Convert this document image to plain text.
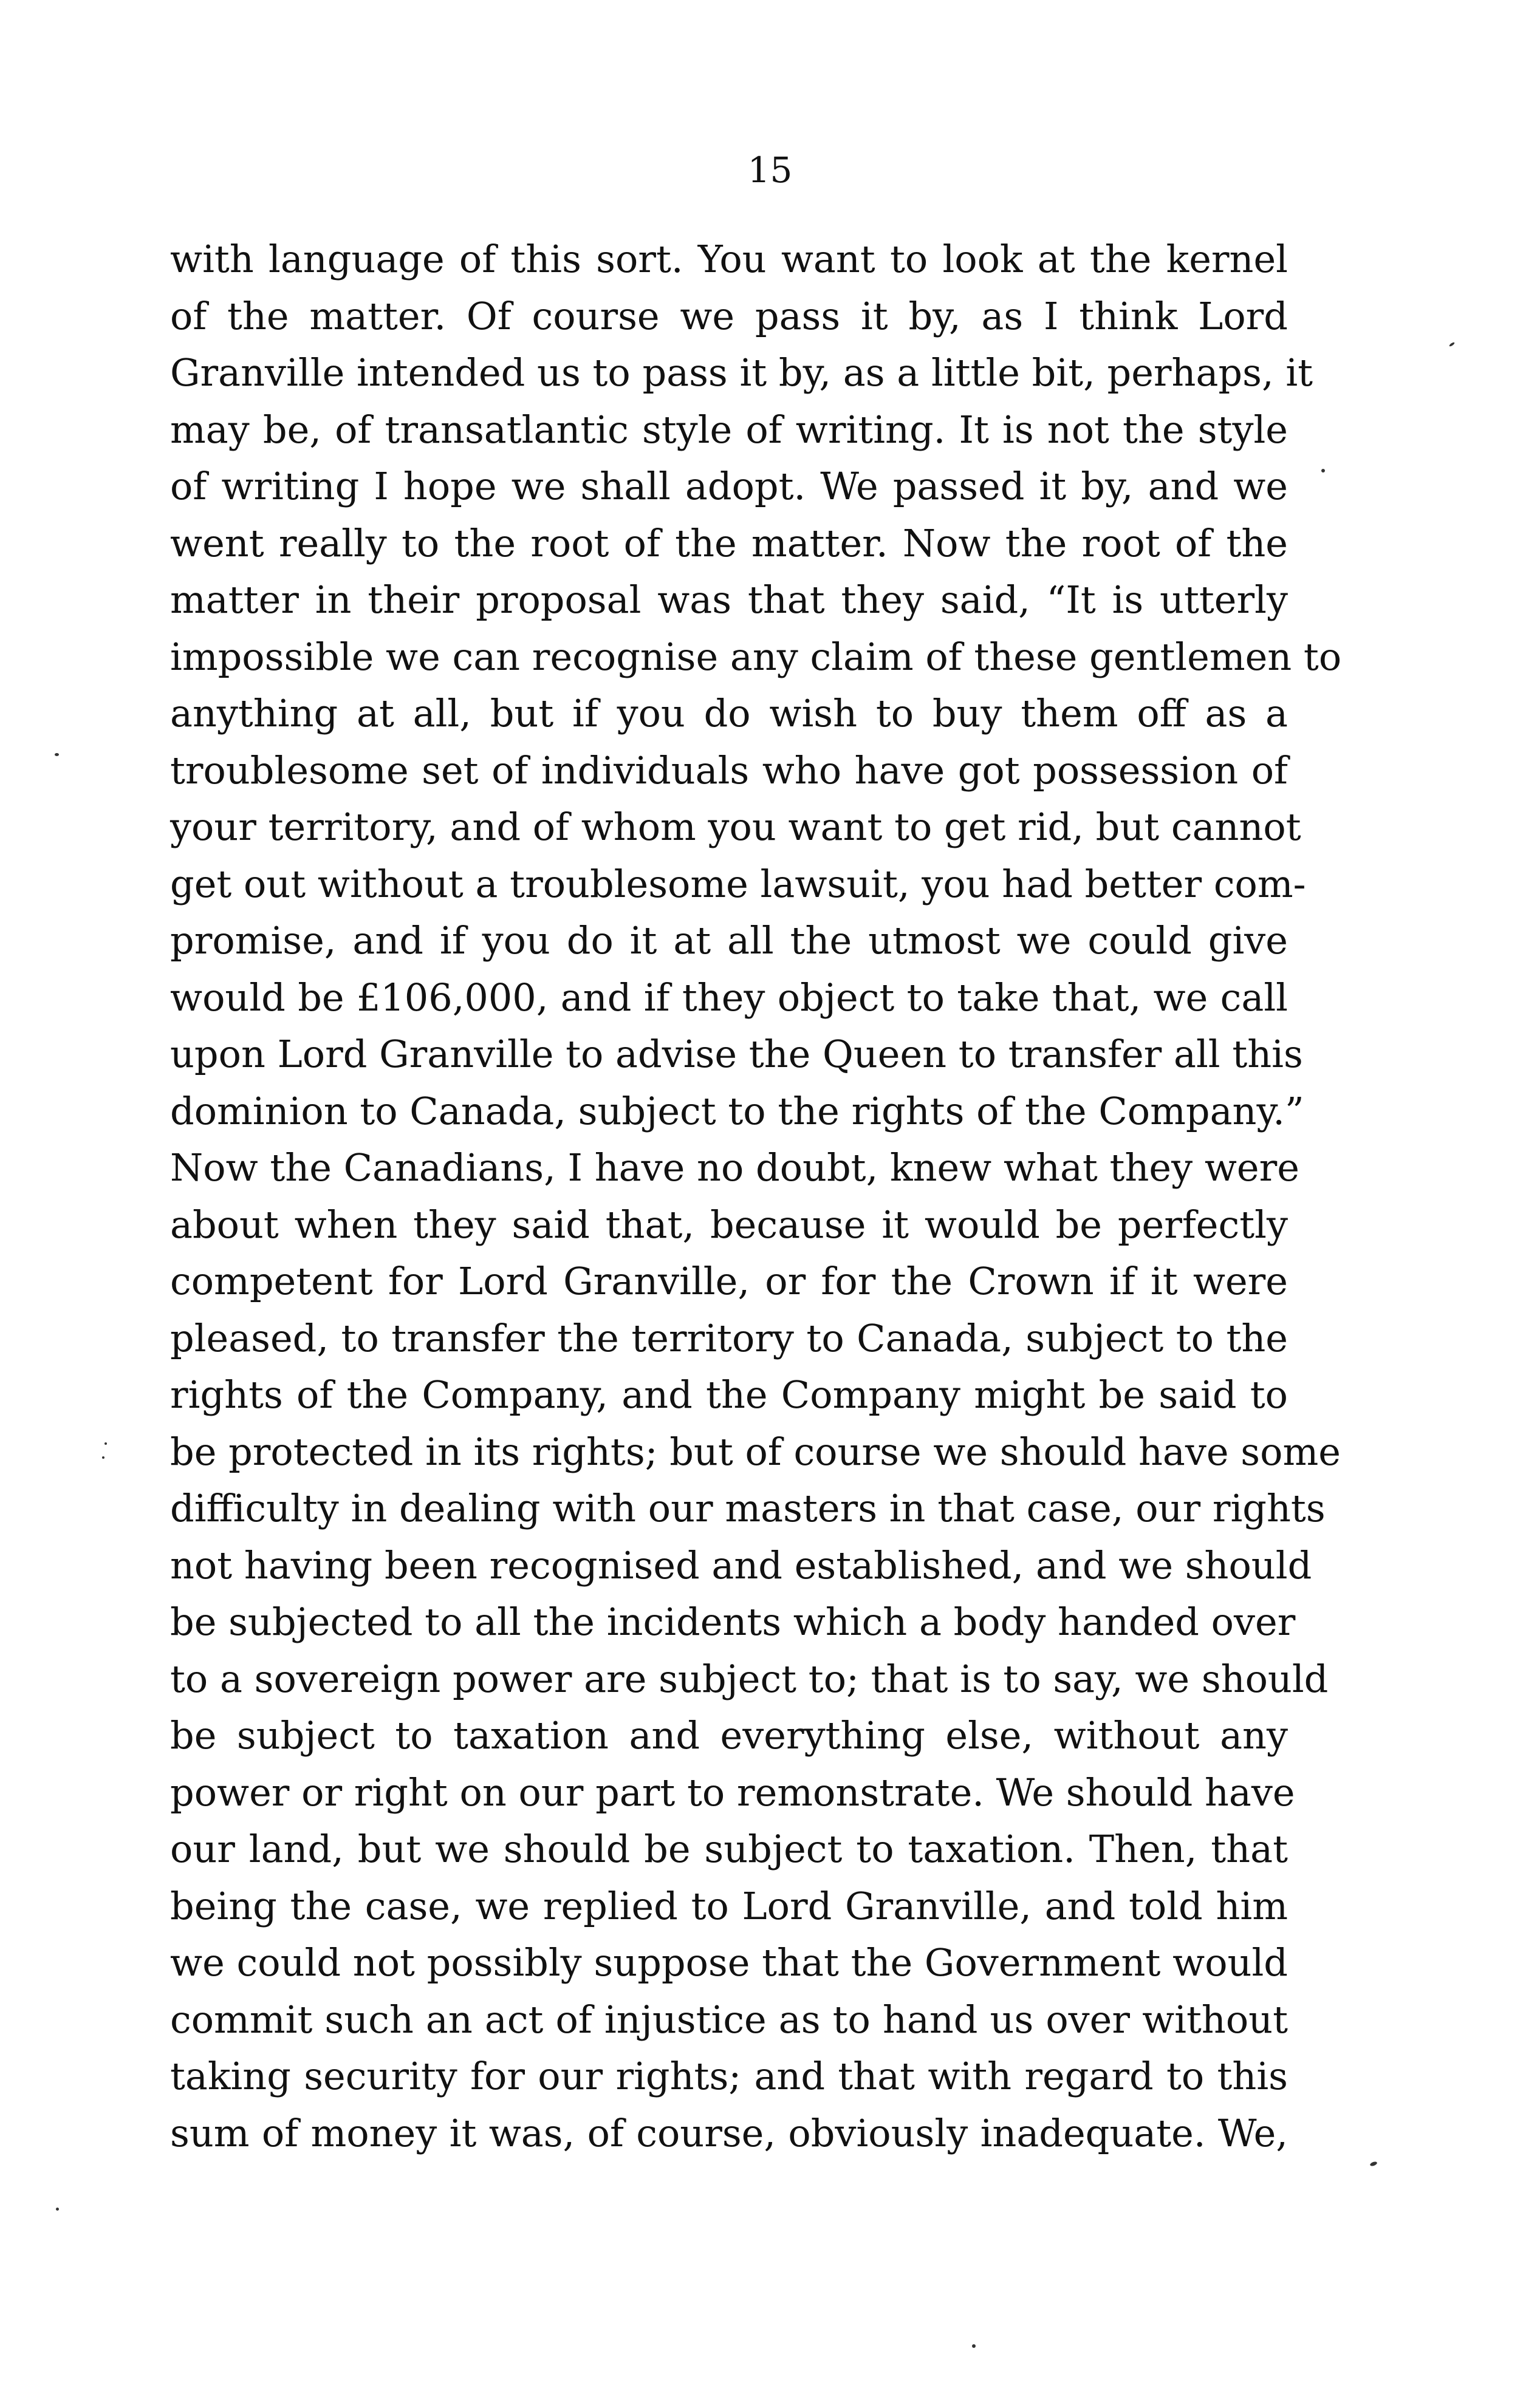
15
with language of this sort. You want to look at the kernel
of the matter. Of course we pass it by, as I think Lord
Granville intended us to pass it by, as a little bit, perhaps, it
may be, of transatlantic style of writing. It is not the style
of writing I hope we shall adopt. We passed it by, and we
went really to the root of the matter. Now the root of the
matter in their proposal was that they said, “It is utterly
impossible we can recognise any claim of these gentlemen to
anything at all, but if you do wish to buy them off as a
troublesome set of individuals who have got possession of
your territory, and of whom you want to get rid, but cannot
get out without a troublesome lawsuit, you had better com-
promise, and if you do it at all the utmost we could give
would be £106,000, and if they object to take that, we call
upon Lord Granville to advise the Queen to transfer all this
dominion to Canada, subject to the rights of the Company.”
Now the Canadians, I have no doubt, knew what they were
about when they said that, because it would be perfectly
competent for Lord Granville, or for the Crown if it were
pleased, to transfer the territory to Canada, subject to the
rights of the Company, and the Company might be said to
be protected in its rights; but of course we should have some
difficulty in dealing with our masters in that case, our rights
not having been recognised and established, and we should
be subjected to all the incidents which a body handed over
to a sovereign power are subject to; that is to say, we should
be subject to taxation and everything else, without any
power or right on our part to remonstrate. We should have
our land, but we should be subject to taxation. Then, that
being the case, we replied to Lord Granville, and told him
we could not possibly suppose that the Government would
commit such an act of injustice as to hand us over without
taking security for our rights; and that with regard to this
sum of money it was, of course, obviously inadequate. We,
